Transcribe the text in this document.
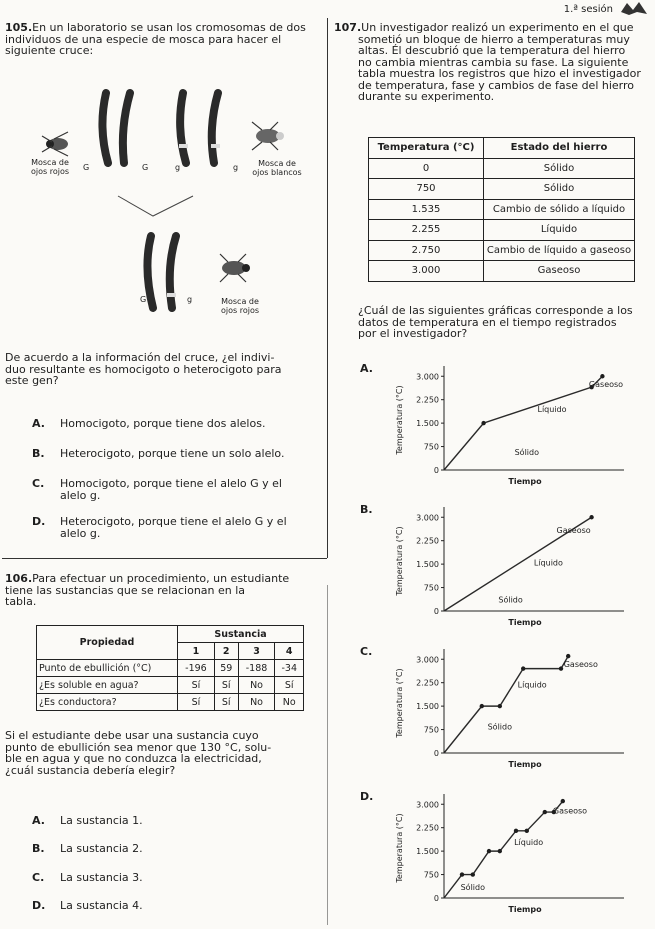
1.ª sesión
105.En un laboratorio se usan los cromosomas de dos individuos de una especie de mosca para hacer el siguiente cruce:
Mosca de
ojos rojos	G	G	g	g	Mosca de
ojos blancos
G	g	Mosca de
ojos rojos
De acuerdo a la información del cruce, ¿el indivi-
duo resultante es homocigoto o heterocigoto para
este gen?
A. Homocigoto, porque tiene dos alelos.
B. Heterocigoto, porque tiene un solo alelo.
C. Homocigoto, porque tiene el alelo G y el
alelo g.
D. Heterocigoto, porque tiene el alelo G y el
alelo g.
106.Para efectuar un procedimiento, un estudiante
tiene las sustancias que se relacionan en la
tabla.
Propiedad	Sustancia			
	1	2	3	4
Punto de ebullición (°C)	-196	59	-188	-34
¿Es soluble en agua?	Sí	Sí	No	Sí
¿Es conductora?	Sí	Sí	No	No
Si el estudiante debe usar una sustancia cuyo
punto de ebullición sea menor que 130 °C, solu-
ble en agua y que no conduzca la electricidad,
¿cuál sustancia debería elegir?
A. La sustancia 1.
B. La sustancia 2.
C. La sustancia 3.
D. La sustancia 4.
107.Un investigador realizó un experimento en el que
sometió un bloque de hierro a temperaturas muy
altas. Él descubrió que la temperatura del hierro
no cambia mientras cambia su fase. La siguiente
tabla muestra los registros que hizo el investigador
de temperatura, fase y cambios de fase del hierro
durante su experimento.
Temperatura (°C)	Estado del hierro
0	Sólido
750	Sólido
1.535	Cambio de sólido a líquido
2.255	Líquido
2.750	Cambio de líquido a gaseoso
3.000	Gaseoso
¿Cuál de las siguientes gráficas corresponde a los
datos de temperatura en el tiempo registrados
por el investigador?
A.
0
750
1.500
2.250
3.000
Temperatura (°C)
Tiempo
Sólido
Líquido
Gaseoso
B.
0
750
1.500
2.250
3.000
Temperatura (°C)
Tiempo
Sólido
Líquido
Gaseoso
C.
0
750
1.500
2.250
3.000
Temperatura (°C)
Tiempo
Sólido
Líquido
Gaseoso
D.
0
750
1.500
2.250
3.000
Temperatura (°C)
Tiempo
Sólido
Líquido
Gaseoso
